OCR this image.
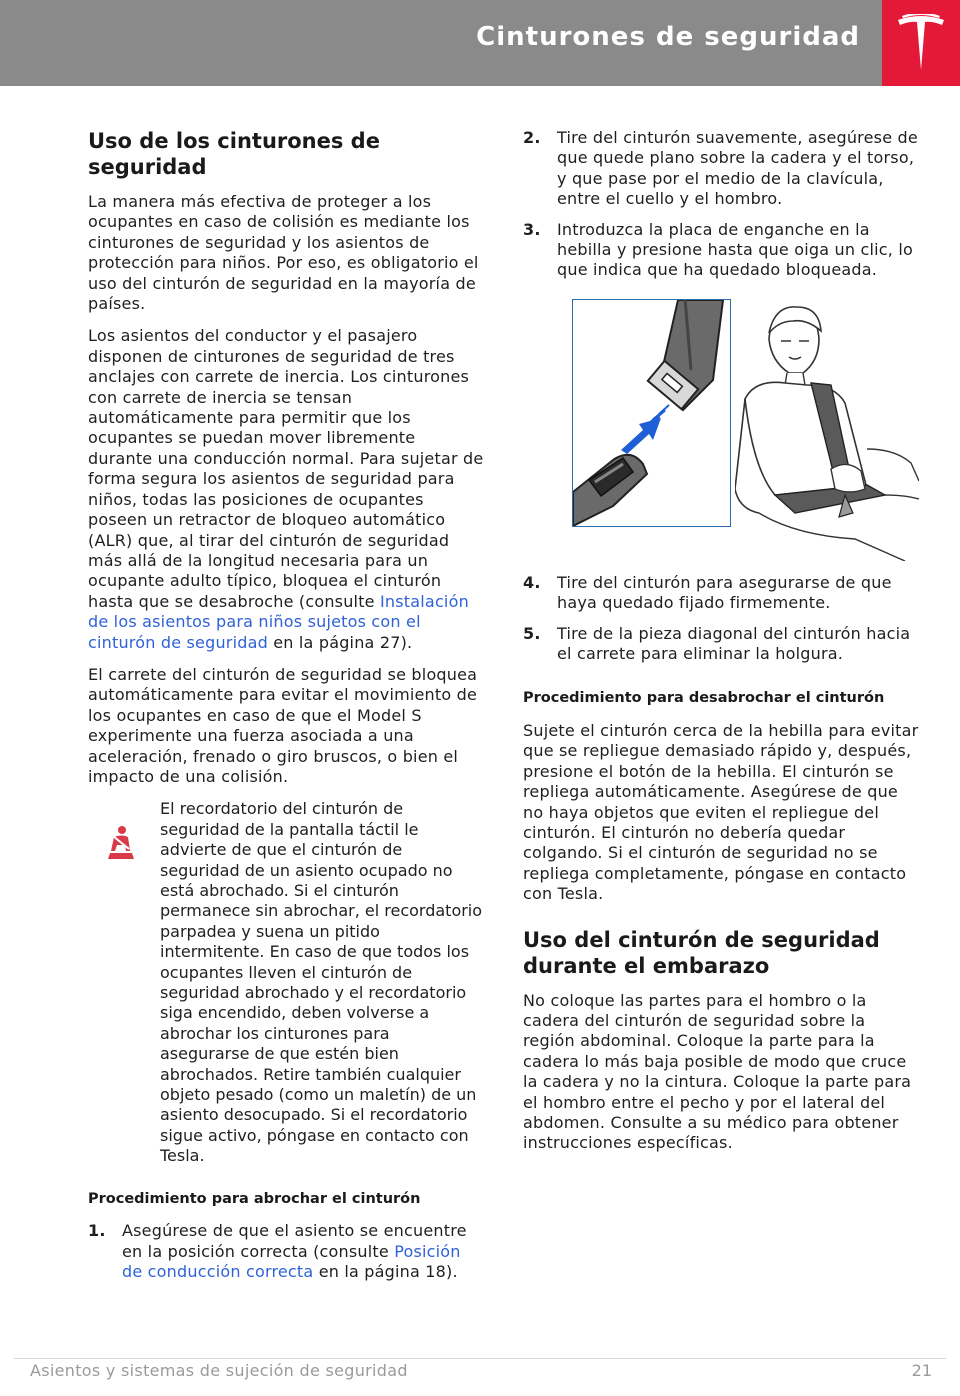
Cinturones de seguridad
Uso de los cinturones de seguridad

La manera más efectiva de proteger a los ocupantes en caso de colisión es mediante los cinturones de seguridad y los asientos de protección para niños. Por eso, es obligatorio el uso del cinturón de seguridad en la mayoría de países.

Los asientos del conductor y el pasajero disponen de cinturones de seguridad de tres anclajes con carrete de inercia. Los cinturones con carrete de inercia se tensan automáticamente para permitir que los ocupantes se puedan mover libremente durante una conducción normal. Para sujetar de forma segura los asientos de seguridad para niños, todas las posiciones de ocupantes poseen un retractor de bloqueo automático (ALR) que, al tirar del cinturón de seguridad más allá de la longitud necesaria para un ocupante adulto típico, bloquea el cinturón hasta que se desabroche (consulte Instalación de los asientos para niños sujetos con el cinturón de seguridad en la página 27).

El carrete del cinturón de seguridad se bloquea automáticamente para evitar el movimiento de los ocupantes en caso de que el Model S experimente una fuerza asociada a una aceleración, frenado o giro bruscos, o bien el impacto de una colisión.

El recordatorio del cinturón de seguridad de la pantalla táctil le advierte de que el cinturón de seguridad de un asiento ocupado no está abrochado. Si el cinturón permanece sin abrochar, el recordatorio parpadea y suena un pitido intermitente. En caso de que todos los ocupantes lleven el cinturón de seguridad abrochado y el recordatorio siga encendido, deben volverse a abrochar los cinturones para asegurarse de que estén bien abrochados. Retire también cualquier objeto pesado (como un maletín) de un asiento desocupado. Si el recordatorio sigue activo, póngase en contacto con Tesla.
Procedimiento para abrochar el cinturón
1. Asegúrese de que el asiento se encuentre en la posición correcta (consulte Posición de conducción correcta en la página 18).
2. Tire del cinturón suavemente, asegúrese de que quede plano sobre la cadera y el torso, y que pase por el medio de la clavícula, entre el cuello y el hombro.
3. Introduzca la placa de enganche en la hebilla y presione hasta que oiga un clic, lo que indica que ha quedado bloqueada.
4. Tire del cinturón para asegurarse de que haya quedado fijado firmemente.
5. Tire de la pieza diagonal del cinturón hacia el carrete para eliminar la holgura.
Procedimiento para desabrochar el cinturón

Sujete el cinturón cerca de la hebilla para evitar que se repliegue demasiado rápido y, después, presione el botón de la hebilla. El cinturón se repliega automáticamente. Asegúrese de que no haya objetos que eviten el repliegue del cinturón. El cinturón no debería quedar colgando. Si el cinturón de seguridad no se repliega completamente, póngase en contacto con Tesla.

Uso del cinturón de seguridad
durante el embarazo

No coloque las partes para el hombro o la cadera del cinturón de seguridad sobre la región abdominal. Coloque la parte para la cadera lo más baja posible de modo que cruce la cadera y no la cintura. Coloque la parte para el hombro entre el pecho y por el lateral del abdomen. Consulte a su médico para obtener instrucciones específicas.

Asientos y sistemas de sujeción de seguridad	21
